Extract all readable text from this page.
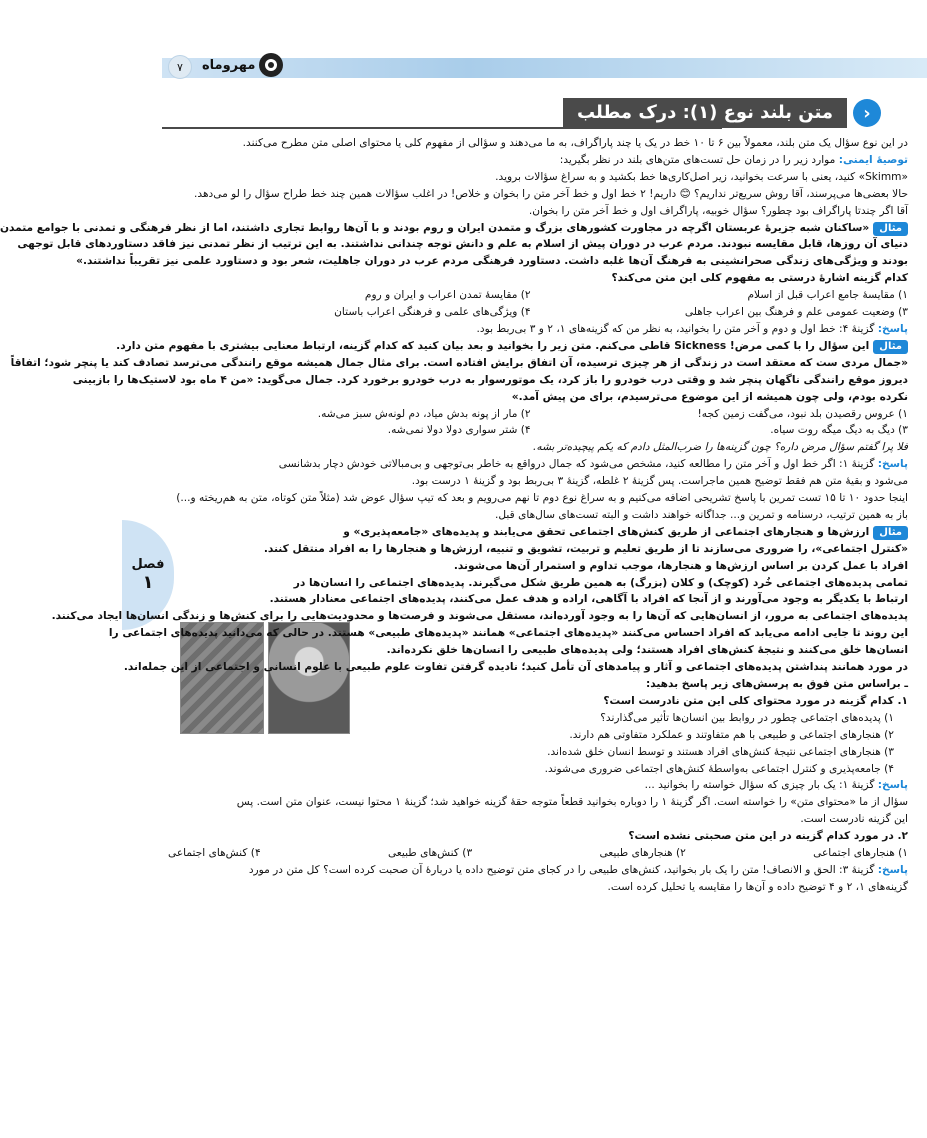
۷	مهروماه
‹
متن بلند نوع (۱): درک مطلب
فصل
۱

در این نوع سؤال یک متن بلند، معمولاً بین ۶ تا ۱۰ خط در یک یا چند پاراگراف، به ما می‌دهند و سؤالی از مفهوم کلی یا محتوای اصلی متن مطرح می‌کنند.

توصیهٔ ایمنی: موارد زیر را در زمان حل تست‌های متن‌های بلند در نظر بگیرید:

«Skimm» کنید، یعنی با سرعت بخوانید، زیر اصل‌کاری‌ها خط بکشید و به سراغ سؤالات بروید.

حالا بعضی‌ها می‌پرسند، آقا روش سریع‌تر نداریم؟ 😊 داریم! ۲ خط اول و خط آخر متن را بخوان و خلاص! در اغلب سؤالات همین چند خط طراح سؤال را لو می‌دهد.

آقا اگر چندتا پاراگراف بود چطور؟ سؤال خوبیه، پاراگراف اول و خط آخر متن را بخوان.

مثال«ساکنان شبه جزیرهٔ عربستان اگرچه در مجاورت کشورهای بزرگ و متمدن ایران و روم بودند و با آن‌ها روابط تجاری داشتند، اما از نظر فرهنگی و تمدنی با جوامع متمدن

دنیای آن روزها، قابل مقایسه نبودند. مردم عرب در دوران پیش از اسلام به علم و دانش توجه چندانی نداشتند. به این ترتیب از نظر تمدنی نیز فاقد دستاوردهای قابل توجهی

بودند و ویژگی‌های زندگی صحرانشینی به فرهنگ آن‌ها غلبه داشت. دستاورد فرهنگی مردم عرب در دوران جاهلیت، شعر بود و دستاورد علمی نیز تقریباً نداشتند.»

کدام گزینه اشارهٔ درستی به مفهوم کلی این متن می‌کند؟

۱) مقایسهٔ جامع اعراب قبل از اسلام
۲) مقایسهٔ تمدن اعراب و ایران و روم
۳) وضعیت عمومی علم و فرهنگ بین اعراب جاهلی
۴) ویژگی‌های علمی و فرهنگی اعراب باستان

پاسخ: گزینهٔ ۴: خط اول و دوم و آخر متن را بخوانید، به نظر من که گزینه‌های ۱، ۲ و ۳ بی‌ربط بود.

مثالاین سؤال را با کمی مرض! Sickness قاطی می‌کنم. متن زیر را بخوانید و بعد بیان کنید که کدام گزینه، ارتباط معنایی بیشتری با مفهوم متن دارد.

«جمال مردی ست که معتقد است در زندگی از هر چیزی ترسیده، آن اتفاق برایش افتاده است. برای مثال جمال همیشه موقع رانندگی می‌ترسد تصادف کند یا پنچر شود؛ اتفاقاً

دیروز موقع رانندگی ناگهان پنچر شد و وقتی درب خودرو را باز کرد، یک موتورسوار به درب خودرو برخورد کرد. جمال می‌گوید: «من ۴ ماه بود لاستیک‌ها را بازبینی

نکرده بودم، ولی چون همیشه از این موضوع می‌ترسیدم، برای من پیش آمد.»

۱) عروس رقصیدن بلد نبود، می‌گفت زمین کجه!
۲) مار از پونه بدش میاد، دم لونه‌ش سبز می‌شه.
۳) دیگ به دیگ میگه روت سیاه.
۴) شتر سواری دولا دولا نمی‌شه.

فلا پرا گفتم سؤال مرض داره؟ چون گزینه‌ها را ضرب‌المثل دادم که یکم پیچیده‌تر بشه.

پاسخ: گزینهٔ ۱: اگر خط اول و آخر متن را مطالعه کنید، مشخص می‌شود که جمال درواقع به خاطر بی‌توجهی و بی‌مبالاتی خودش دچار بدشانسی

می‌شود و بقیهٔ متن هم فقط توضیح همین ماجراست. پس گزینهٔ ۲ غلطه، گزینهٔ ۳ بی‌ربط بود و گزینهٔ ۱ درست بود.

اینجا حدود ۱۰ تا ۱۵ تست تمرین با پاسخ تشریحی اضافه می‌کنیم و به سراغ نوع دوم تا نهم می‌رویم و بعد که تیپ سؤال عوض شد (مثلاً متن کوتاه، متن به هم‌ریخته و...)

باز به همین ترتیب، درسنامه و تمرین و... جداگانه خواهند داشت و البته تست‌های سال‌های قبل.

مثالارزش‌ها و هنجارهای اجتماعی از طریق کنش‌های اجتماعی تحقق می‌یابند و پدیده‌های «جامعه‌پذیری» و

«کنترل اجتماعی»، را ضروری می‌سازند تا از طریق تعلیم و تربیت، تشویق و تنبیه، ارزش‌ها و هنجارها را به افراد منتقل کنند.

افراد با عمل کردن بر اساس ارزش‌ها و هنجارها، موجب تداوم و استمرار آن‌ها می‌شوند.

تمامی پدیده‌های اجتماعی خُرد (کوچک) و کلان (بزرگ) به همین طریق شکل می‌گیرند. پدیده‌های اجتماعی را انسان‌ها در

ارتباط با یکدیگر به وجود می‌آورند و از آنجا که افراد با آگاهی، اراده و هدف عمل می‌کنند، پدیده‌های اجتماعی معنادار هستند.

پدیده‌های اجتماعی به مرور، از انسان‌هایی که آن‌ها را به وجود آورده‌اند، مستقل می‌شوند و فرصت‌ها و محدودیت‌هایی را برای کنش‌ها و زندگی انسان‌ها ایجاد می‌کنند.

این روند تا جایی ادامه می‌یابد که افراد احساس می‌کنند «پدیده‌های اجتماعی» همانند «پدیده‌های طبیعی» هستند. در حالی که می‌دانید پدیده‌های اجتماعی را

انسان‌ها خلق می‌کنند و نتیجهٔ کنش‌های افراد هستند؛ ولی پدیده‌های طبیعی را انسان‌ها خلق نکرده‌اند.

در مورد همانند پنداشتن پدیده‌های اجتماعی و آثار و پیامدهای آن تأمل کنید؛ نادیده گرفتن تفاوت علوم طبیعی با علوم انسانی و اجتماعی از این جمله‌اند.

ـ براساس متن فوق به پرسش‌های زیر پاسخ بدهید:

۱. کدام گزینه در مورد محتوای کلی این متن نادرست است؟

۱) پدیده‌های اجتماعی چطور در روابط بین انسان‌ها تأثیر می‌گذارند؟

۲) هنجارهای اجتماعی و طبیعی با هم متفاوتند و عملکرد متفاوتی هم دارند.

۳) هنجارهای اجتماعی نتیجهٔ کنش‌های افراد هستند و توسط انسان خلق شده‌اند.

۴) جامعه‌پذیری و کنترل اجتماعی به‌واسطهٔ کنش‌های اجتماعی ضروری می‌شوند.

پاسخ: گزینهٔ ۱: یک بار چیزی که سؤال خواسته را بخوانید ...

سؤال از ما «محتوای متن» را خواسته است. اگر گزینهٔ ۱ را دوباره بخوانید قطعاً متوجه حقهٔ گزینه خواهید شد؛ گزینهٔ ۱ محتوا نیست، عنوان متن است. پس

این گزینه نادرست است.

۲. در مورد کدام گزینه در این متن صحبتی نشده است؟

۱) هنجارهای اجتماعی
۲) هنجارهای طبیعی
۳) کنش‌های طبیعی
۴) کنش‌های اجتماعی

پاسخ: گزینهٔ ۳: الحق و الانصاف! متن را یک بار بخوانید، کنش‌های طبیعی را در کجای متن توضیح داده یا دربارهٔ آن صحبت کرده است؟ کل متن در مورد

گزینه‌های ۱، ۲ و ۴ توضیح داده و آن‌ها را مقایسه یا تحلیل کرده است.
